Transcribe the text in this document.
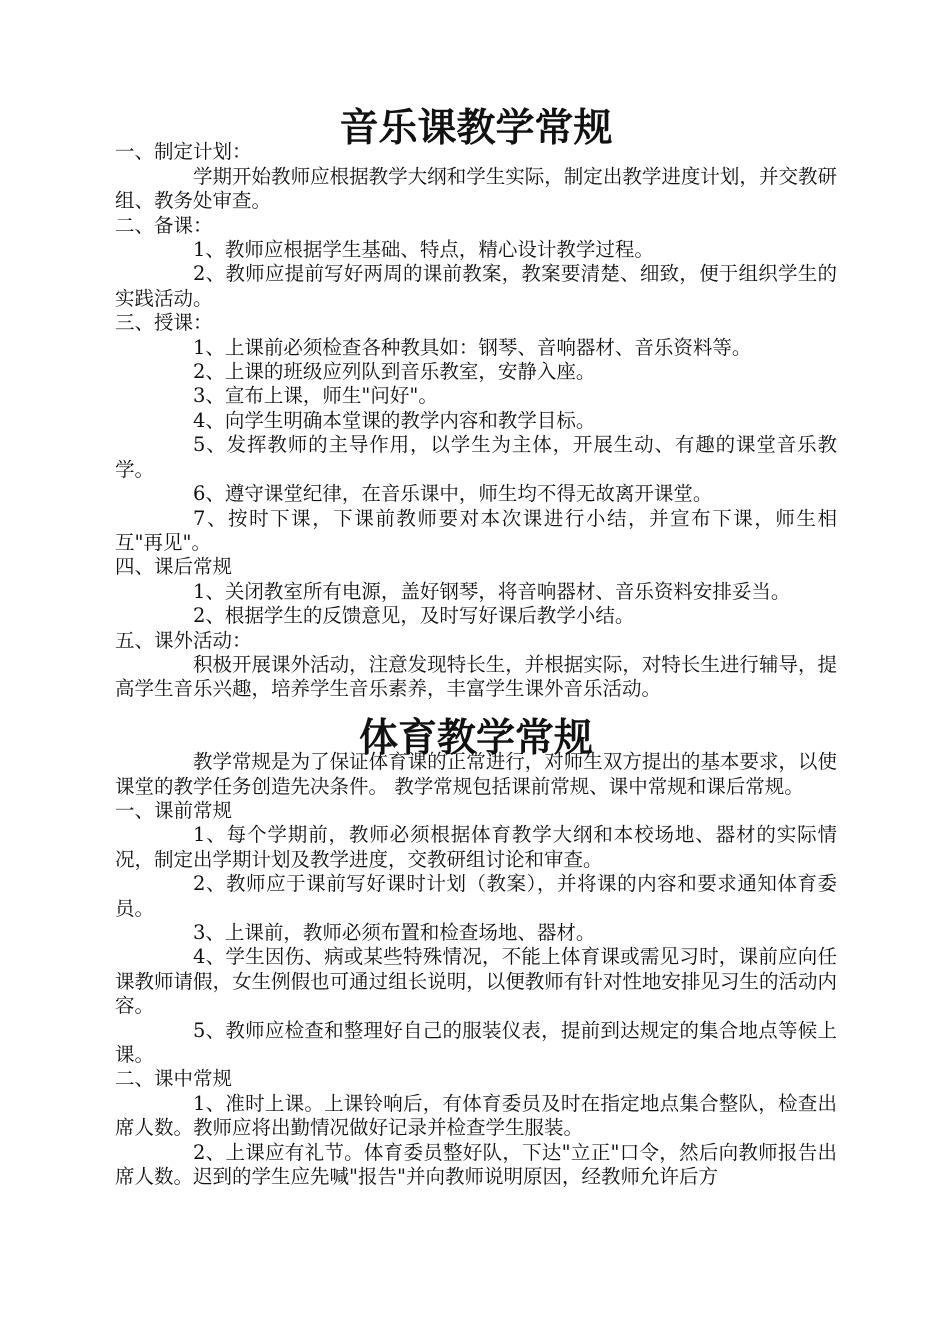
音乐课教学常规

一、制定计划：

学期开始教师应根据教学大纲和学生实际，制定出教学进度计划，并交教研组、教务处审查。

二、备课：

1、教师应根据学生基础、特点，精心设计教学过程。

2、教师应提前写好两周的课前教案，教案要清楚、细致，便于组织学生的实践活动。

三、授课：

1、上课前必须检查各种教具如：钢琴、音响器材、音乐资料等。

2、上课的班级应列队到音乐教室，安静入座。

3、宣布上课，师生"问好"。

4、向学生明确本堂课的教学内容和教学目标。

5、发挥教师的主导作用，以学生为主体，开展生动、有趣的课堂音乐教学。

6、遵守课堂纪律，在音乐课中，师生均不得无故离开课堂。

7、按时下课，下课前教师要对本次课进行小结，并宣布下课，师生相互"再见"。

四、课后常规

1、关闭教室所有电源，盖好钢琴，将音响器材、音乐资料安排妥当。

2、根据学生的反馈意见，及时写好课后教学小结。

五、课外活动：

积极开展课外活动，注意发现特长生，并根据实际，对特长生进行辅导，提高学生音乐兴趣，培养学生音乐素养，丰富学生课外音乐活动。

体育教学常规

教学常规是为了保证体育课的正常进行，对师生双方提出的基本要求，以使课堂的教学任务创造先决条件。 教学常规包括课前常规、课中常规和课后常规。

一、课前常规

1、每个学期前，教师必须根据体育教学大纲和本校场地、器材的实际情况，制定出学期计划及教学进度，交教研组讨论和审查。

2、教师应于课前写好课时计划（教案），并将课的内容和要求通知体育委员。

3、上课前，教师必须布置和检查场地、器材。

4、学生因伤、病或某些特殊情况，不能上体育课或需见习时，课前应向任课教师请假，女生例假也可通过组长说明，以便教师有针对性地安排见习生的活动内容。

5、教师应检查和整理好自己的服装仪表，提前到达规定的集合地点等候上课。

二、课中常规

1、准时上课。上课铃响后，有体育委员及时在指定地点集合整队，检查出席人数。教师应将出勤情况做好记录并检查学生服装。

2、上课应有礼节。体育委员整好队，下达"立正"口令，然后向教师报告出席人数。迟到的学生应先喊"报告"并向教师说明原因，经教师允许后方
